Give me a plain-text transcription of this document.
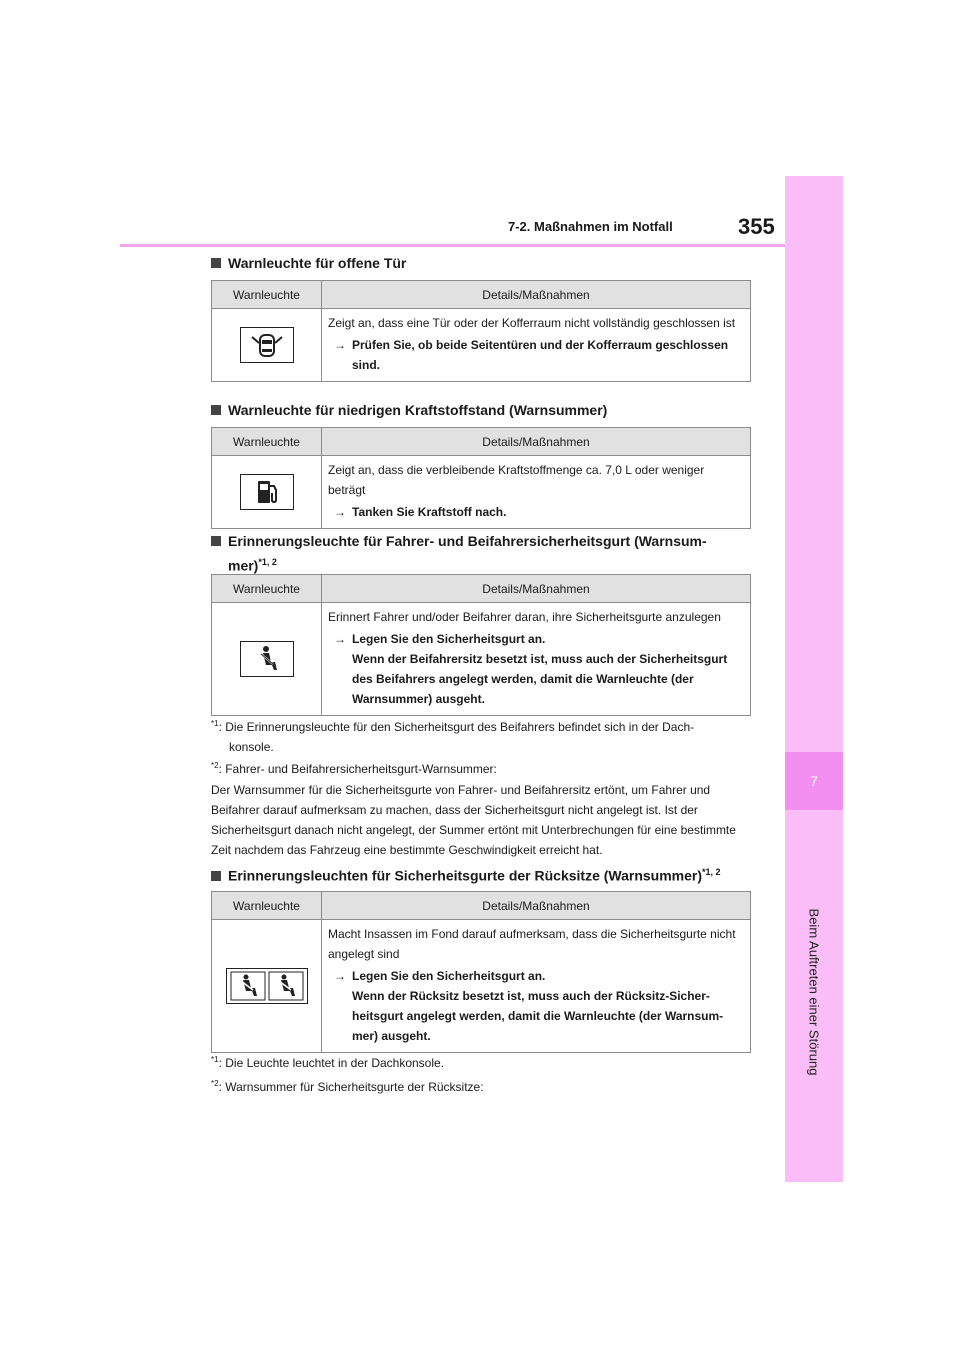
7-2. Maßnahmen im Notfall	355
7
Beim Auftreten einer Störung
Warnleuchte für offene Tür
Warnleuchte	Details/Maßnahmen

Zeigt an, dass eine Tür oder der Kofferraum nicht vollständig geschlossen ist
→ Prüfen Sie, ob beide Seitentüren und der Kofferraum geschlossen sind.
Warnleuchte für niedrigen Kraftstoffstand (Warnsummer)
Warnleuchte	Details/Maßnahmen

Zeigt an, dass die verbleibende Kraftstoffmenge ca. 7,0 L oder weniger beträgt
→ Tanken Sie Kraftstoff nach.
Erinnerungsleuchte für Fahrer- und Beifahrersicherheitsgurt (Warnsum-
mer)$^{*1, 2}$
Warnleuchte	Details/Maßnahmen

Erinnert Fahrer und/oder Beifahrer daran, ihre Sicherheitsgurte anzulegen
→ Legen Sie den Sicherheitsgurt an.
Wenn der Beifahrersitz besetzt ist, muss auch der Sicherheitsgurt des Beifahrers angelegt werden, damit die Warnleuchte (der Warnsummer) ausgeht.
$^{*1}$: Die Erinnerungsleuchte für den Sicherheitsgurt des Beifahrers befindet sich in der Dach-
konsole.
$^{*2}$: Fahrer- und Beifahrersicherheitsgurt-Warnsummer:
Der Warnsummer für die Sicherheitsgurte von Fahrer- und Beifahrersitz ertönt, um Fahrer und Beifahrer darauf aufmerksam zu machen, dass der Sicherheitsgurt nicht angelegt ist. Ist der Sicherheitsgurt danach nicht angelegt, der Summer ertönt mit Unterbrechungen für eine bestimmte Zeit nachdem das Fahrzeug eine bestimmte Geschwindigkeit erreicht hat.
Erinnerungsleuchten für Sicherheitsgurte der Rücksitze (Warnsummer)$^{*1, 2}$
Warnleuchte	Details/Maßnahmen

Macht Insassen im Fond darauf aufmerksam, dass die Sicherheitsgurte nicht angelegt sind
→ Legen Sie den Sicherheitsgurt an.
Wenn der Rücksitz besetzt ist, muss auch der Rücksitz-Sicher-heitsgurt angelegt werden, damit die Warnleuchte (der Warnsum-mer) ausgeht.
$^{*1}$: Die Leuchte leuchtet in der Dachkonsole.
$^{*2}$: Warnsummer für Sicherheitsgurte der Rücksitze:
